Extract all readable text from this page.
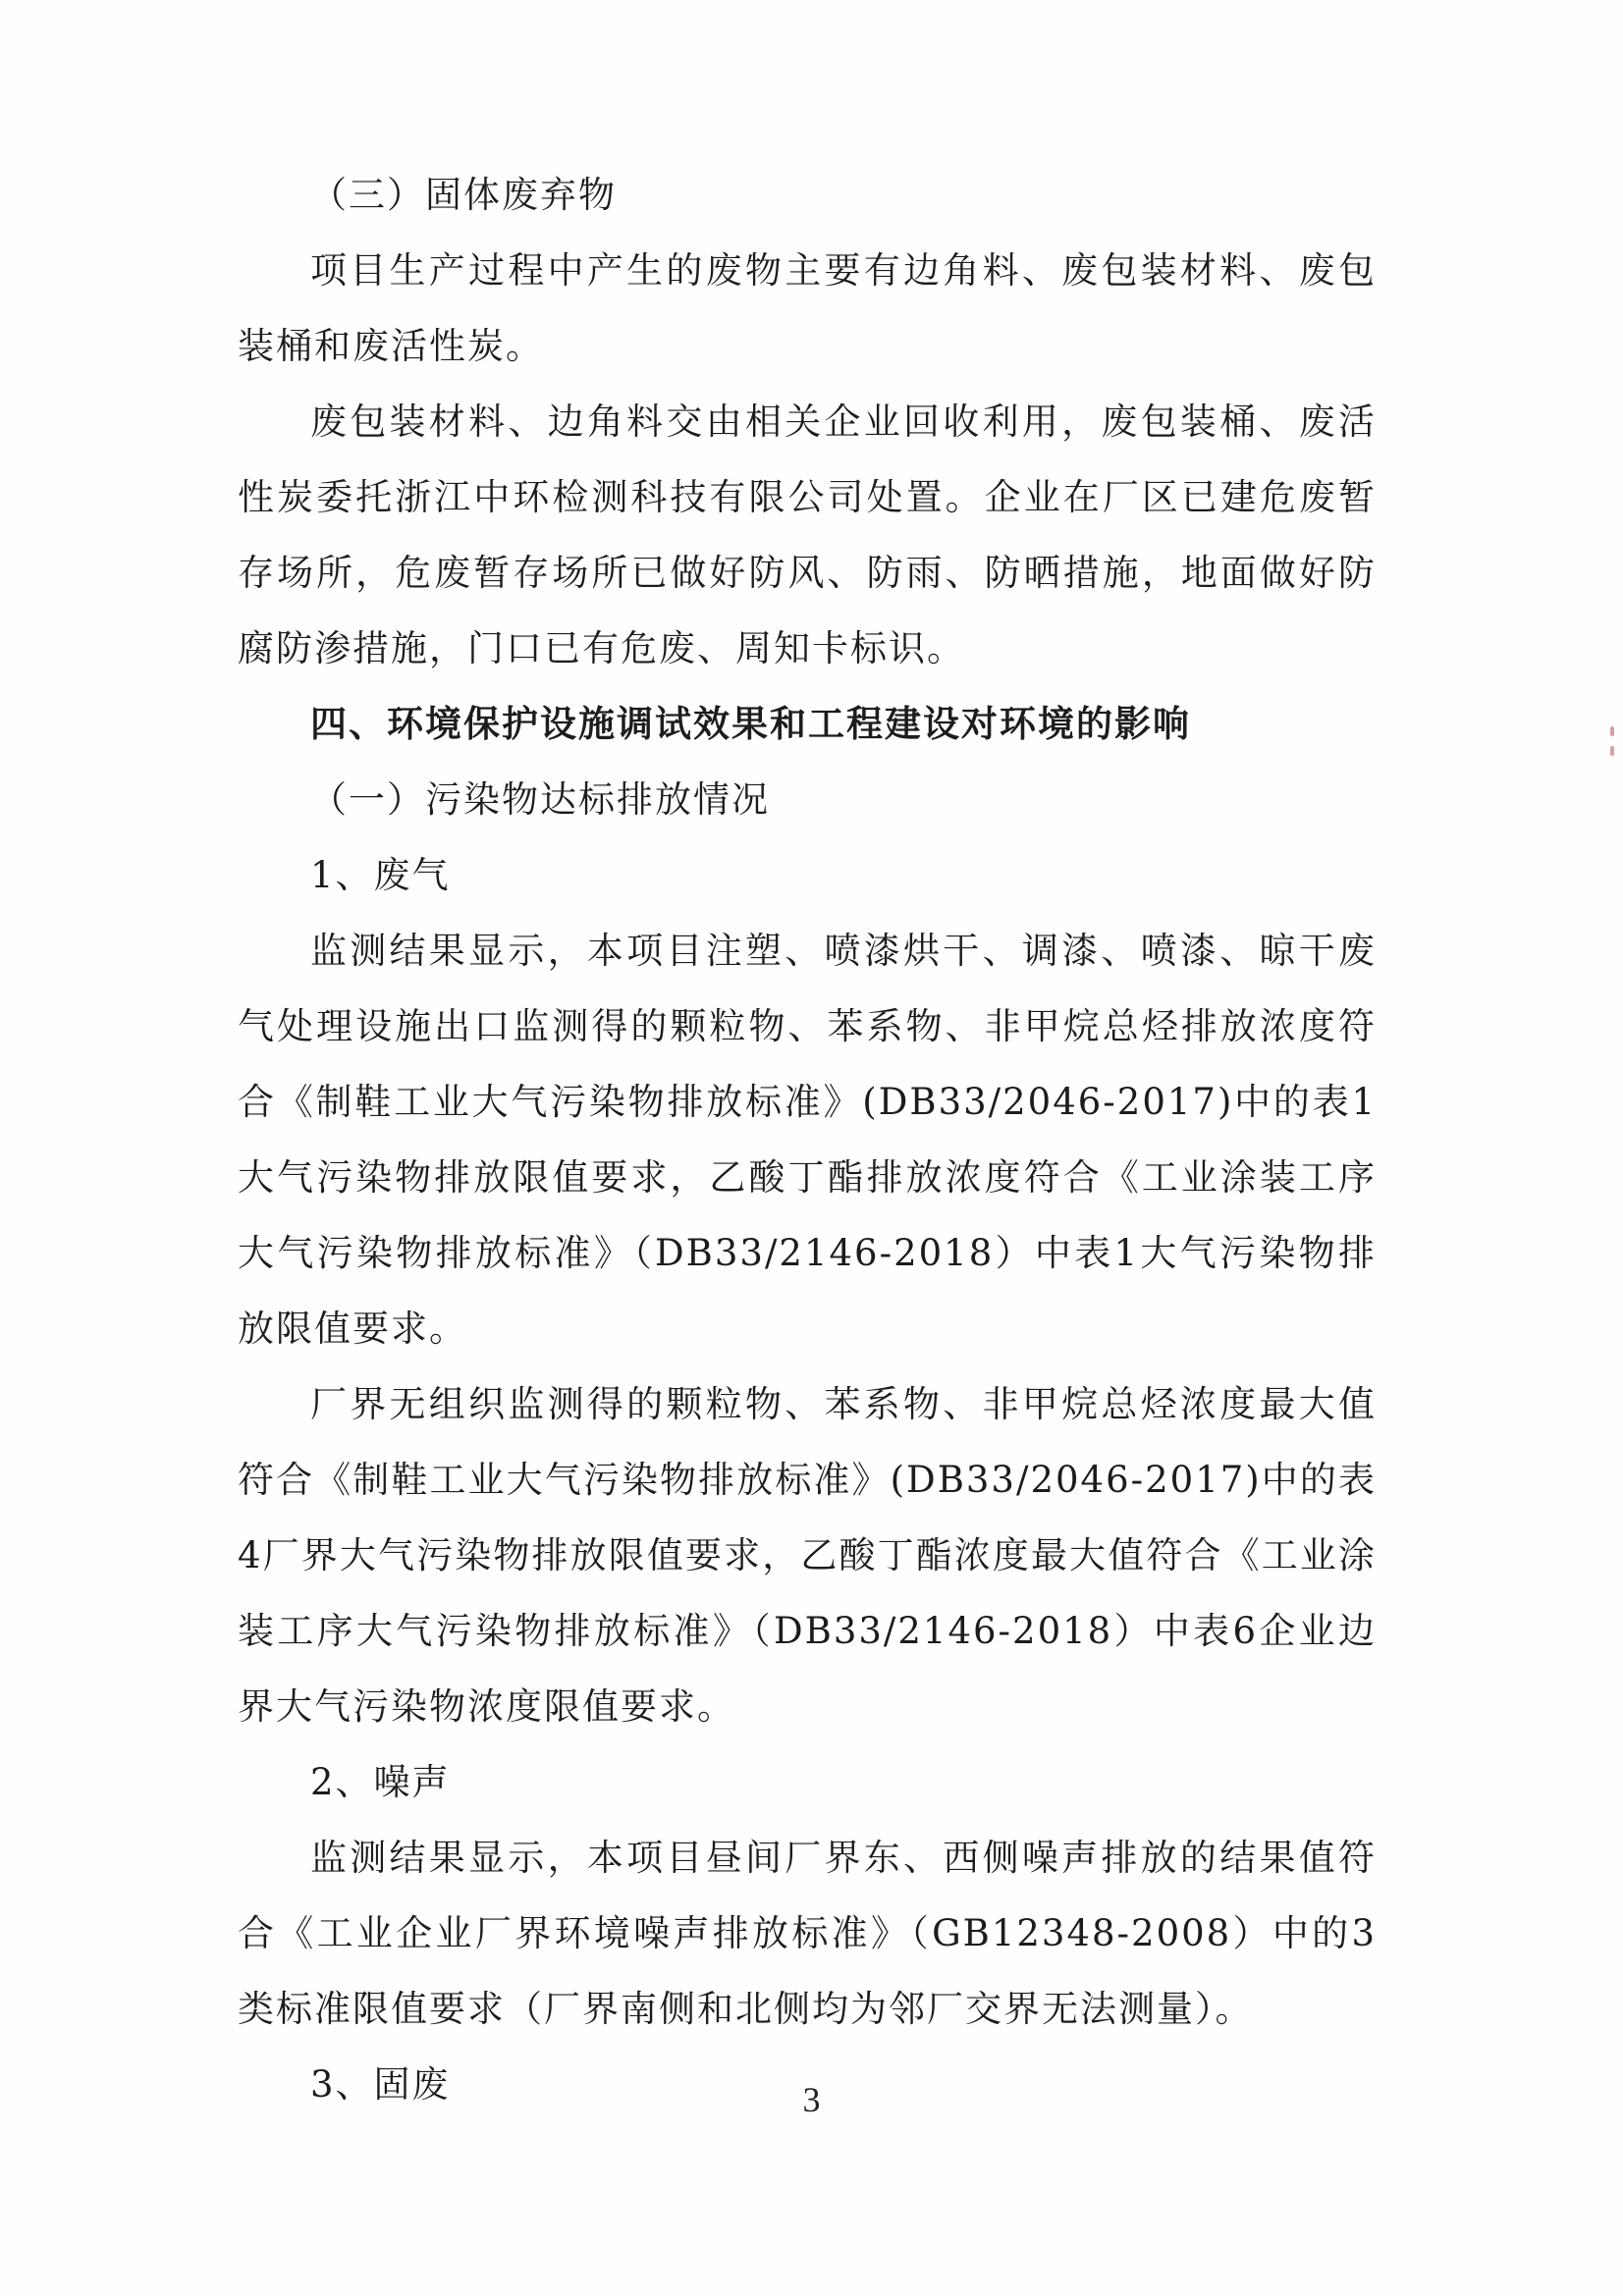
（三）固体废弃物

项目生产过程中产生的废物主要有边角料、废包装材料、废包装桶和废活性炭。

废包装材料、边角料交由相关企业回收利用，废包装桶、废活性炭委托浙江中环检测科技有限公司处置。企业在厂区已建危废暂存场所，危废暂存场所已做好防风、防雨、防晒措施，地面做好防腐防渗措施，门口已有危废、周知卡标识。

四、环境保护设施调试效果和工程建设对环境的影响

（一）污染物达标排放情况

1、废气

监测结果显示，本项目注塑、喷漆烘干、调漆、喷漆、晾干废气处理设施出口监测得的颗粒物、苯系物、非甲烷总烃排放浓度符合《制鞋工业大气污染物排放标准》(DB33/2046-2017)中的表1大气污染物排放限值要求，乙酸丁酯排放浓度符合《工业涂装工序大气污染物排放标准》（DB33/2146-2018）中表1大气污染物排放限值要求。

厂界无组织监测得的颗粒物、苯系物、非甲烷总烃浓度最大值符合《制鞋工业大气污染物排放标准》(DB33/2046-2017)中的表4厂界大气污染物排放限值要求，乙酸丁酯浓度最大值符合《工业涂装工序大气污染物排放标准》（DB33/2146-2018）中表6企业边界大气污染物浓度限值要求。

2、噪声

监测结果显示，本项目昼间厂界东、西侧噪声排放的结果值符合《工业企业厂界环境噪声排放标准》（GB12348-2008）中的3类标准限值要求（厂界南侧和北侧均为邻厂交界无法测量）。

3、固废	3
